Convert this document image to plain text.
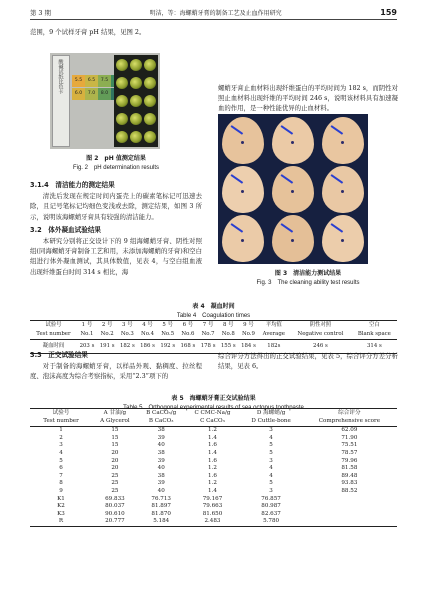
第 3 期	明洁，等：海螺蛸牙膏的制备工艺及止血作用研究	159

范围，9 个试样牙膏 pH 结果，见图 2。

酸碱试纸比色卡	5.5	6.5	7.5
6.0	7.0	8.0
图 2　pH 值测定结果
Fig. 2　pH determination results
3.1.4　清洁能力的测定结果

清洗后发现在规定时间内蛋壳上的碳素笔标记可迅速去除，且记号笔标记均细色变浅或去除，测定结果，如图 3 所示，说明该海螺蛸牙膏具有较强的清洁能力。

3.2　体外凝血试验结果

本研究分别将正交设计下的 9 组海螺蛸牙膏、阴性对照组(同海螺蛸牙膏制备工艺和用，未添加海螺蛸的牙膏)和空白组进行体外凝血测试，其具体数值，见表 4，与空白组血液出现纤维蛋白时间 314 s 相比，海

螺蛸牙膏止血材料出现纤维蛋白的平均时间为 182 s，而阴性对照止血材料出现纤维的平均时间 246 s，说明该材料具有加速凝血的作用，是一种性能优异的止血材料。

图 3　清洁能力测试结果
Fig. 3　The cleaning ability test results
表 4　凝血时间
Table 4　Coagulation times
试验号	1 号	2 号	3 号	4 号	5 号	6 号	7 号	8 号	9 号	平均值	阴性对照	空白
Test number	No.1	No.2	No.3	No.4	No.5	No.6	No.7	No.8	No.9	Average	Negative control	Blank space
凝血时间	203 s	191 s	182 s	186 s	192 s	168 s	178 s	155 s	184 s	182s	246 s	314 s
3.3　正交试验结果

对于制备的海螺蛸牙膏，以样品外观、黏稠度、拉丝程度、泡沫高度为综合考察指标，采用“2.3”项下的

综合评分方法得出的正交试验结果，见表 5，综合评分方差分析结果，见表 6。

表 5　海螺蛸牙膏正交试验结果
Table 5　Orthogonal experimental results of sea octopus toothpaste
试验号	A 甘油/g	B CaCO₃/g	C CMC-Na/g	D 海螺蛸/g	综合评分
Test number	A Glycerol	B CaCO₃	C CaCO₃	D Cuttle-bone	Comprehensive score
1	15	38	1.2	3	62.09
2	15	39	1.4	4	71.90
3	15	40	1.6	5	75.51
4	20	38	1.4	5	78.57
5	20	39	1.6	3	79.96
6	20	40	1.2	4	81.58
7	25	38	1.6	4	89.48
8	25	39	1.2	5	93.83
9	25	40	1.4	3	88.52
K1	69.833	76.713	79.167	76.857	
K2	80.037	81.897	79.663	80.987	
K3	90.610	81.870	81.650	82.637	
R	20.777	5.184	2.483	5.780	
